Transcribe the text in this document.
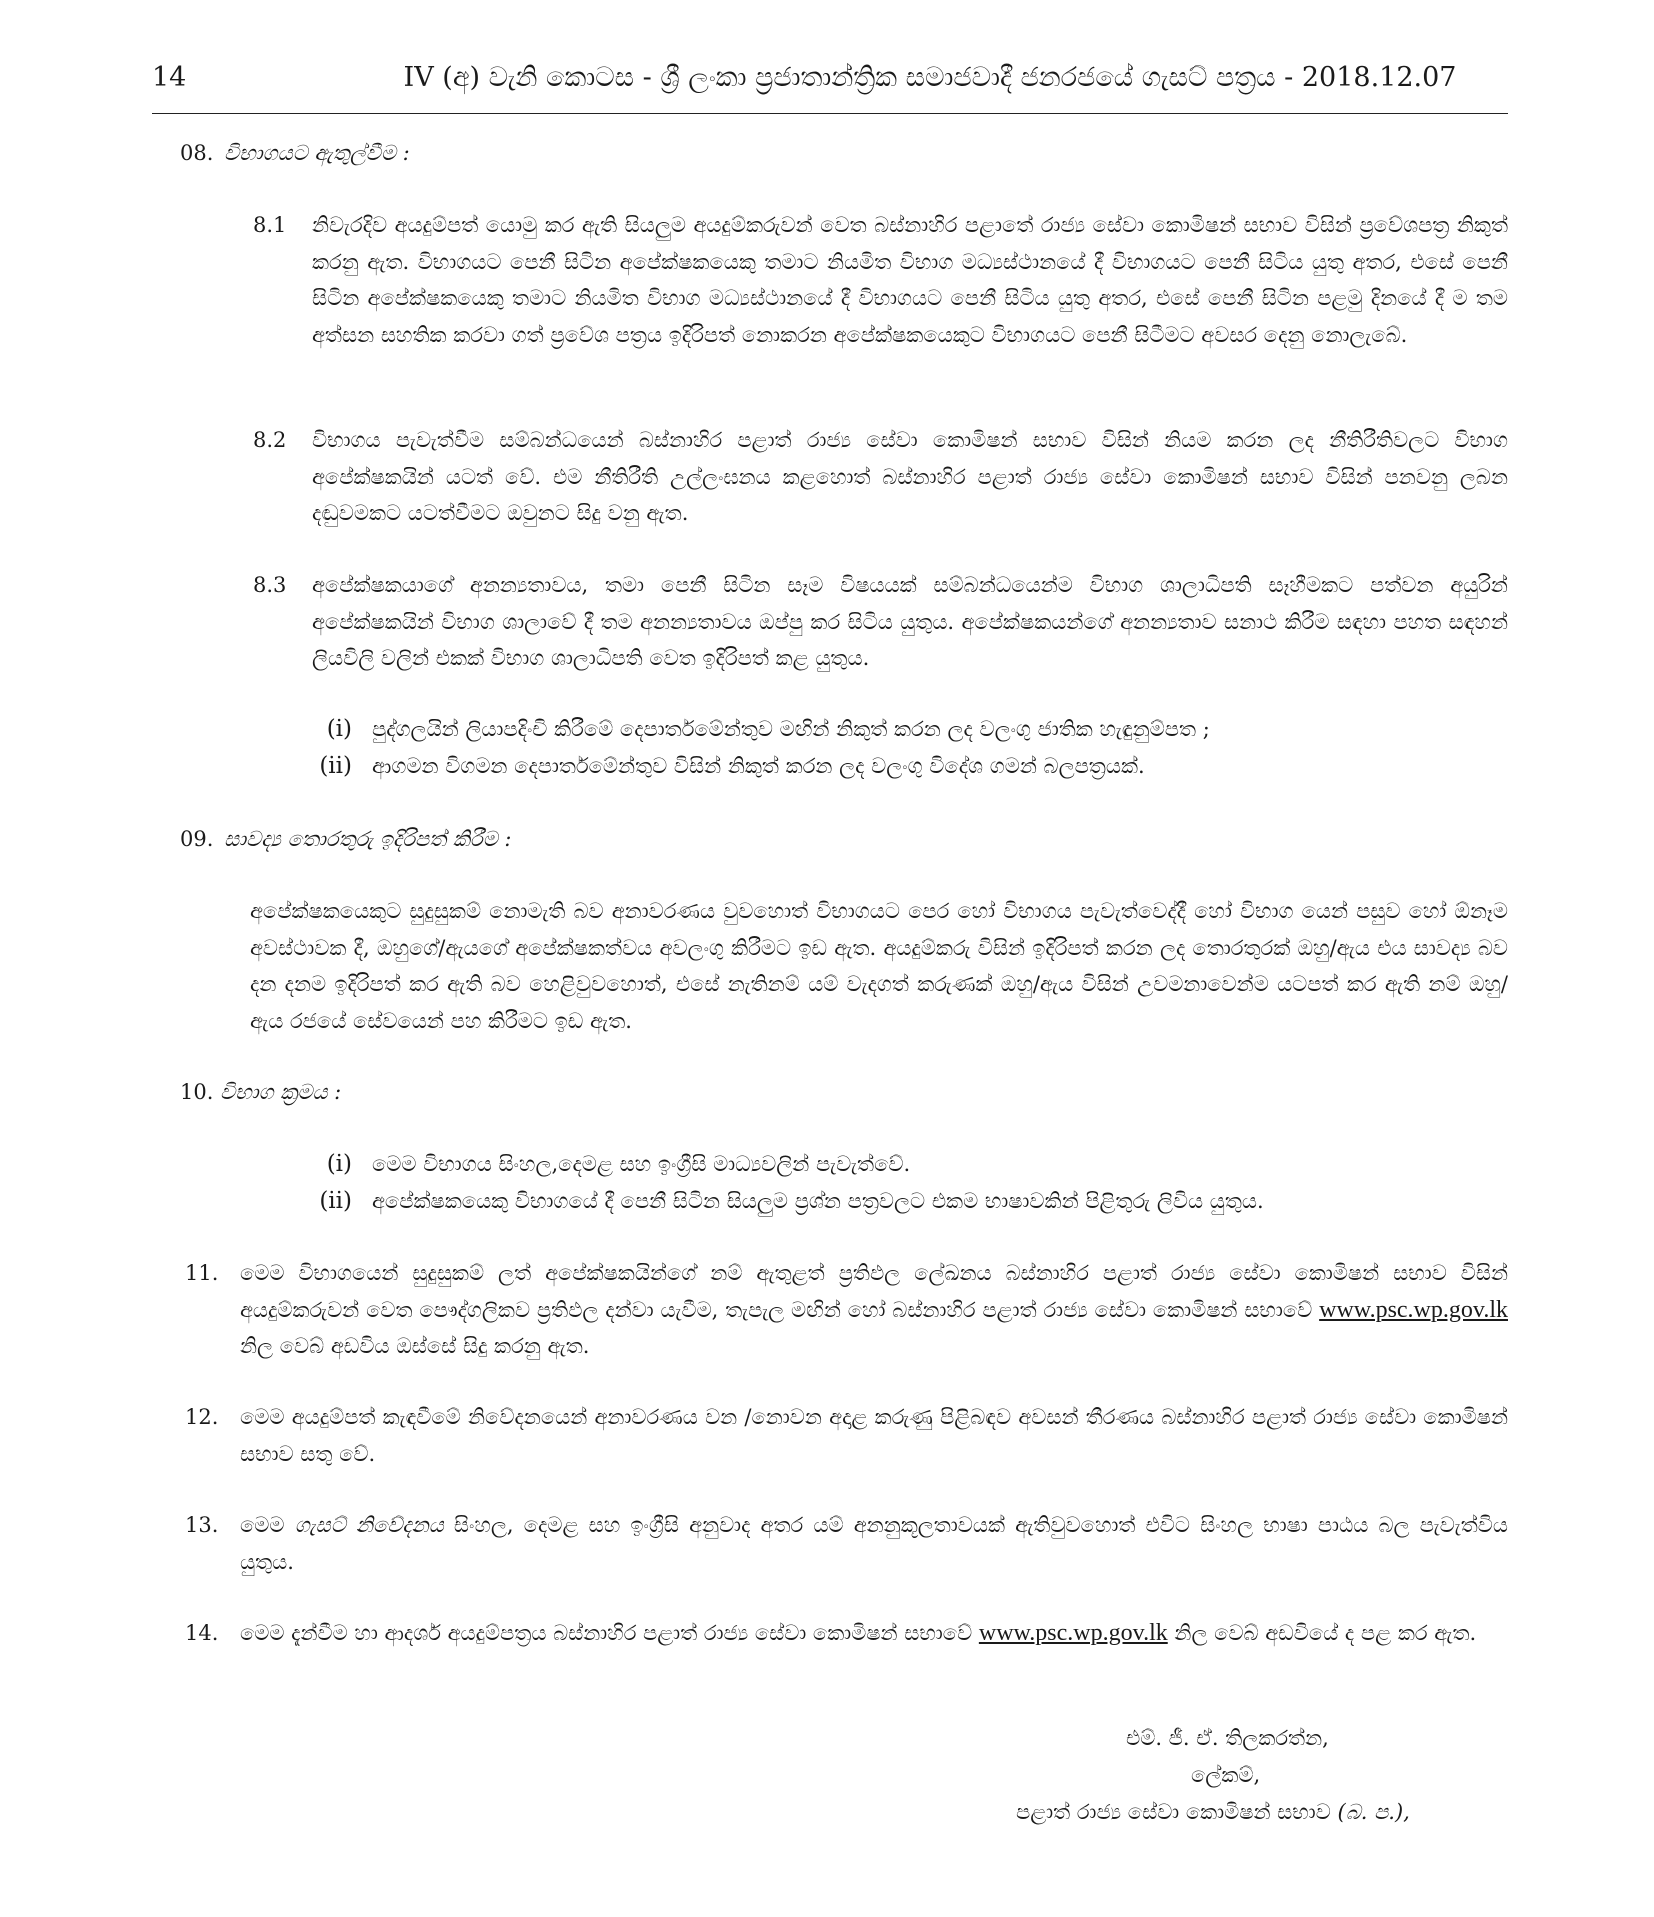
14	IV (අ) වැනි කොටස - ශ්‍රී ලංකා ප්‍රජාතාන්ත්‍රික සමාජවාදී ජනරජයේ ගැසට් පත්‍රය - 2018.12.07
08. විභාගයට ඇතුල්වීම :
8.1 නිවැරදිව අයදුම්පත් යොමු කර ඇති සියලුම අයදුම්කරුවන් වෙත බස්නාහිර පළාතේ රාජ්‍ය සේවා කොමිෂන් සභාව විසින් ප්‍රවේශපත්‍ර නිකුත් කරනු ඇත. විභාගයට පෙනී සිටින අපේක්ෂකයෙකු තමාට නියමිත විභාග මධ්‍යස්ථානයේ දී විභාගයට පෙනී සිටිය යුතු අතර, එසේ පෙනී සිටින අපේක්ෂකයෙකු තමාට නියමිත විභාග මධ්‍යස්ථානයේ දී විභාගයට පෙනී සිටිය යුතු අතර, එසේ පෙනී සිටින පළමු දිනයේ දී ම තම අත්සන සහතික කරවා ගත් ප්‍රවේශ පත්‍රය ඉදිරිපත් නොකරන අපේක්ෂකයෙකුට විභාගයට පෙනී සිටීමට අවසර දෙනු නොලැබේ.
8.2 විභාගය පැවැත්වීම සම්බන්ධයෙන් බස්නාහිර පළාත් රාජ්‍ය සේවා කොමිෂන් සභාව විසින් නියම කරන ලද නීතිරීතිවලට විභාග අපේක්ෂකයින් යටත් වේ. එම නීතිරීති උල්ලංඝනය කළහොත් බස්නාහිර පළාත් රාජ්‍ය සේවා කොමිෂන් සභාව විසින් පනවනු ලබන දඬුවමකට යටත්වීමට ඔවුනට සිදු වනු ඇත.
8.3 අපේක්ෂකයාගේ අනන්‍යතාවය, තමා පෙනී සිටින සෑම විෂයයක් සම්බන්ධයෙන්ම විභාග ශාලාධිපති සෑහීමකට පත්වන අයුරින් අපේක්ෂකයින් විභාග ශාලාවේ දී තම අනන්‍යතාවය ඔප්පු කර සිටිය යුතුය. අපේක්ෂකයන්ගේ අනන්‍යතාව සනාථ කිරීම සඳහා පහත සඳහන් ලියවිලි වලින් එකක් විභාග ශාලාධිපති වෙත ඉදිරිපත් කළ යුතුය.
(i) පුද්ගලයින් ලියාපදිංචි කිරීමේ දෙපාර්තමේන්තුව මඟින් නිකුත් කරන ලද වලංගු ජාතික හැඳුනුම්පත ;
(ii) ආගමන විගමන දෙපාර්තමේන්තුව විසින් නිකුත් කරන ලද වලංගු විදේශ ගමන් බලපත්‍රයක්.
09. සාවද්‍ය තොරතුරු ඉදිරිපත් කිරීම :
අපේක්ෂකයෙකුට සුදුසුකම් නොමැති බව අනාවරණය වුවහොත් විභාගයට පෙර හෝ විභාගය පැවැත්වෙද්දී හෝ විභාග යෙන් පසුව හෝ ඕනෑම අවස්ථාවක දී, ඔහුගේ/ඇයගේ අපේක්ෂකත්වය අවලංගු කිරීමට ඉඩ ඇත. අයදුම්කරු විසින් ඉදිරිපත් කරන ලද තොරතුරක් ඔහු/ඇය එය සාවද්‍ය බව දන දනම ඉදිරිපත් කර ඇති බව හෙළිවුවහොත්, එසේ නැතිනම් යම් වැදගත් කරුණක් ඔහු/ඇය විසින් උවමනාවෙන්ම යටපත් කර ඇති නම් ඔහු/ඇය රජයේ සේවයෙන් පහ කිරීමට ඉඩ ඇත.
10. විභාග ක්‍රමය :
(i) මෙම විභාගය සිංහල,දෙමළ සහ ඉංග්‍රීසි මාධ්‍යවලින් පැවැත්වේ.
(ii) අපේක්ෂකයෙකු විභාගයේ දී පෙනී සිටින සියලුම ප්‍රශ්න පත්‍රවලට එකම භාෂාවකින් පිළිතුරු ලිවිය යුතුය.
11. මෙම විභාගයෙන් සුදුසුකම් ලත් අපේක්ෂකයින්ගේ නම් ඇතුළත් ප්‍රතිඵල ලේඛනය බස්නාහිර පළාත් රාජ්‍ය සේවා කොමිෂන් සභාව විසින් අයදුම්කරුවන් වෙත පෞද්ගලිකව ප්‍රතිඵල දන්වා යැවීම, තැපැල මඟින් හෝ බස්නාහිර පළාත් රාජ්‍ය සේවා කොමිෂන් සභාවේ www.psc.wp.gov.lk නිල වෙබ් අඩවිය ඔස්සේ සිදු කරනු ඇත.
12. මෙම අයදුම්පත් කැඳවීමේ නිවේදනයෙන් අනාවරණය වන /නොවන අදාළ කරුණු පිළිබඳව අවසන් තීරණය බස්නාහිර පළාත් රාජ්‍ය සේවා කොමිෂන් සභාව සතු වේ.
13. මෙම ගැසට් නිවේදනය සිංහල, දෙමළ සහ ඉංග්‍රීසි අනුවාද අතර යම් අනනුකූලතාවයක් ඇතිවුවහොත් එවිට සිංහල භාෂා පාඨය බල පැවැත්විය යුතුය.
14. මෙම දැන්වීම හා ආදර්ශ අයදුම්පත්‍රය බස්නාහිර පළාත් රාජ්‍ය සේවා කොමිෂන් සභාවේ www.psc.wp.gov.lk නිල වෙබ් අඩවියේ ද පළ කර ඇත.
එම්. ජී. ඒ. තිලකරත්න,
ලේකම්,
පළාත් රාජ්‍ය සේවා කොමිෂන් සභාව (බ. ප.),
